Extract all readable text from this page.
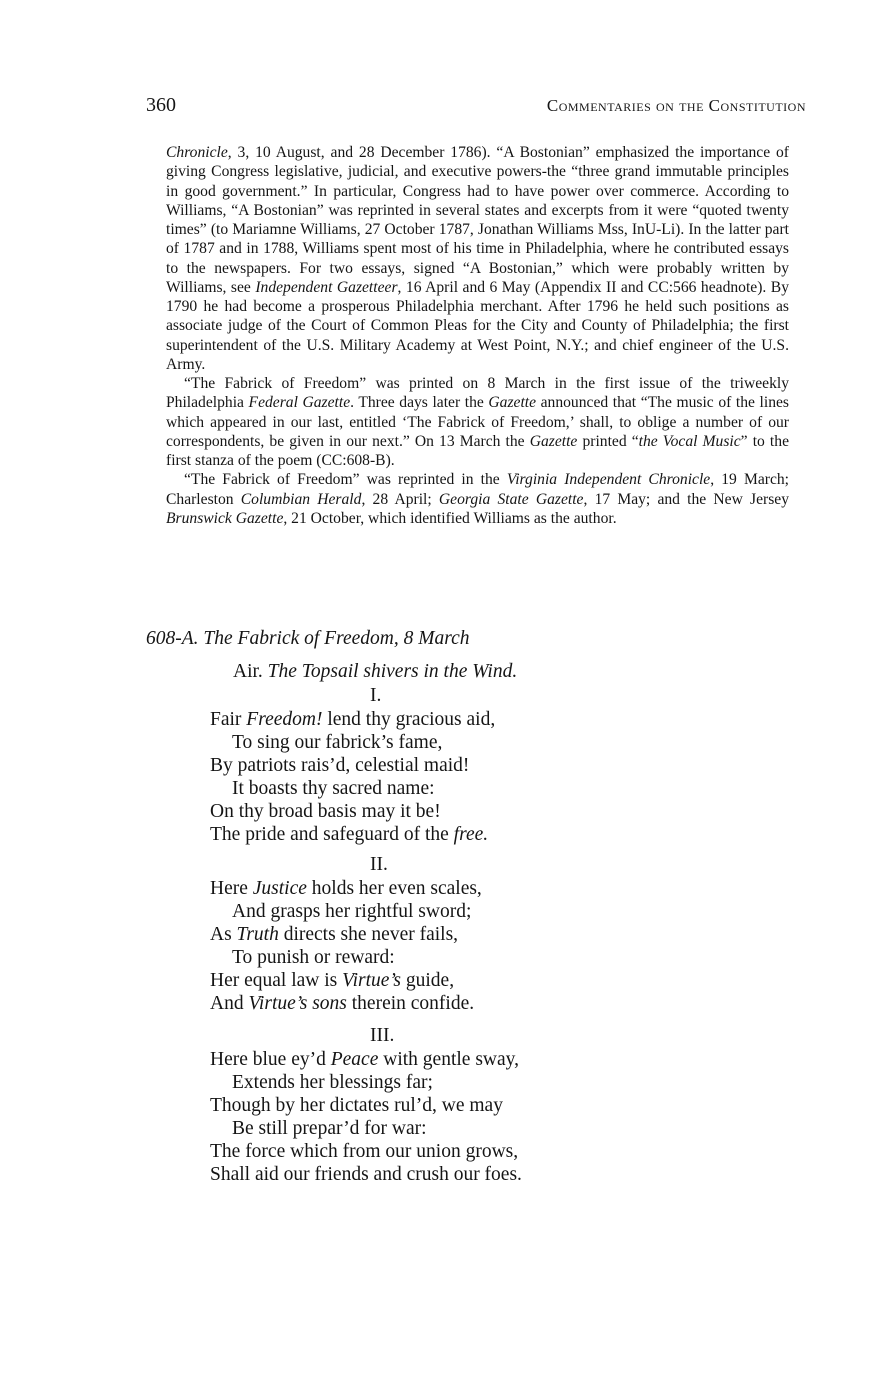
360	Commentaries on the Constitution

Chronicle, 3, 10 August, and 28 December 1786). “A Bostonian” emphasized the importance of giving Congress legislative, judicial, and executive powers-the “three grand immutable principles in good government.” In particular, Congress had to have power over commerce. According to Williams, “A Bostonian” was reprinted in several states and excerpts from it were “quoted twenty times” (to Mariamne Williams, 27 October 1787, Jonathan Williams Mss, InU-Li). In the latter part of 1787 and in 1788, Williams spent most of his time in Philadelphia, where he contributed essays to the newspapers. For two essays, signed “A Bostonian,” which were probably written by Williams, see Independent Gazetteer, 16 April and 6 May (Appendix II and CC:566 headnote). By 1790 he had become a prosperous Philadelphia merchant. After 1796 he held such positions as associate judge of the Court of Common Pleas for the City and County of Philadelphia; the first superintendent of the U.S. Military Academy at West Point, N.Y.; and chief engineer of the U.S. Army.

“The Fabrick of Freedom” was printed on 8 March in the first issue of the triweekly Philadelphia Federal Gazette. Three days later the Gazette announced that “The music of the lines which appeared in our last, entitled ‘The Fabrick of Freedom,’ shall, to oblige a number of our correspondents, be given in our next.” On 13 March the Gazette printed “the Vocal Music” to the first stanza of the poem (CC:608-B).

“The Fabrick of Freedom” was reprinted in the Virginia Independent Chronicle, 19 March; Charleston Columbian Herald, 28 April; Georgia State Gazette, 17 May; and the New Jersey Brunswick Gazette, 21 October, which identified Williams as the author.

608-A. The Fabrick of Freedom, 8 March
Air. The Topsail shivers in the Wind.
I.
Fair Freedom! lend thy gracious aid,
To sing our fabrick’s fame,
By patriots rais’d, celestial maid!
It boasts thy sacred name:
On thy broad basis may it be!
The pride and safeguard of the free.
II.
Here Justice holds her even scales,
And grasps her rightful sword;
As Truth directs she never fails,
To punish or reward:
Her equal law is Virtue’s guide,
And Virtue’s sons therein confide.
III.
Here blue ey’d Peace with gentle sway,
Extends her blessings far;
Though by her dictates rul’d, we may
Be still prepar’d for war:
The force which from our union grows,
Shall aid our friends and crush our foes.
